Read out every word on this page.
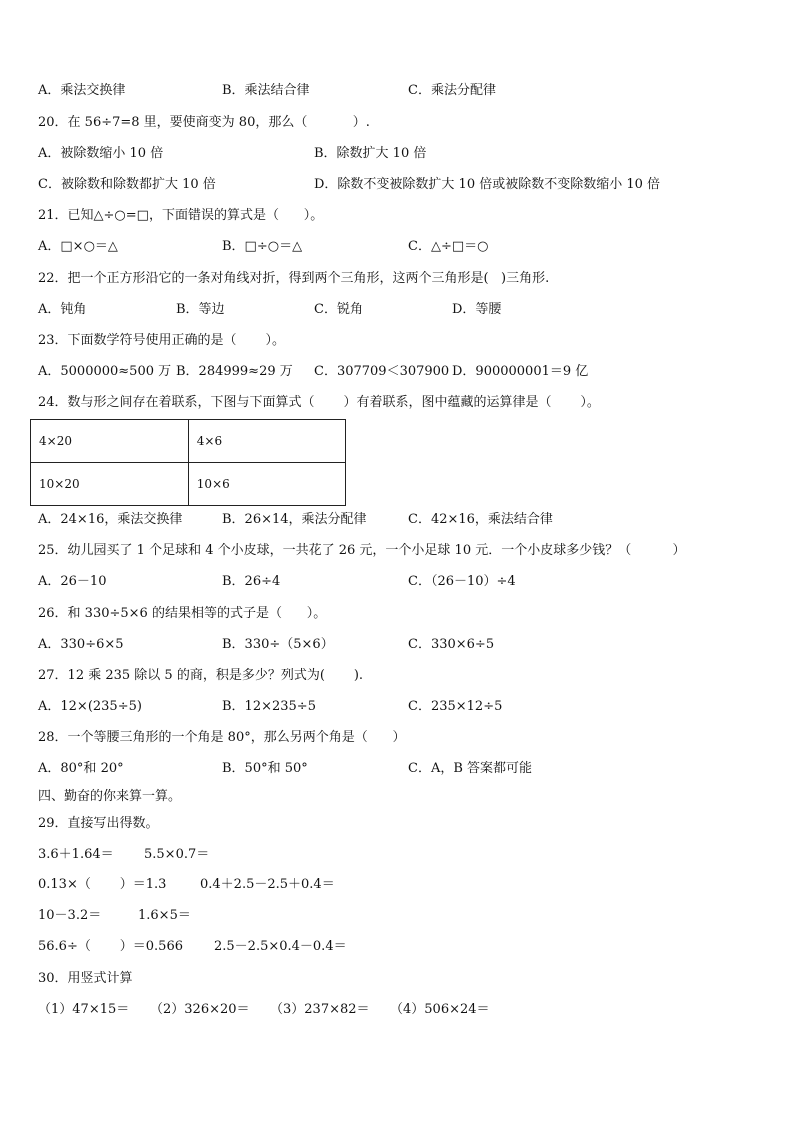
A．乘法交换律	B．乘法结合律	C．乘法分配律
20．在 56÷7=8 里，要使商变为 80，那么（           ）.
A．被除数缩小 10 倍	B．除数扩大 10 倍
C．被除数和除数都扩大 10 倍	D．除数不变被除数扩大 10 倍或被除数不变除数缩小 10 倍
21．已知△÷○=□，下面错误的算式是（      ）。
A．□×○＝△	B．□÷○＝△	C．△÷□＝○
22．把一个正方形沿它的一条对角线对折，得到两个三角形，这两个三角形是(   )三角形.
A．钝角	B．等边	C．锐角	D．等腰
23．下面数学符号使用正确的是（       ）。
A．5000000≈500 万 B．284999≈29 万 C．307709＜307900 D．900000001＝9 亿
24．数与形之间存在着联系，下图与下面算式（       ）有着联系，图中蕴藏的运算律是（       ）。
4×20	4×6
10×20	10×6
A．24×16，乘法交换律	B．26×14，乘法分配律	C．42×16，乘法结合律
25．幼儿园买了 1 个足球和 4 个小皮球，一共花了 26 元，一个小足球 10 元．一个小皮球多少钱？（          ）
A．26－10	B．26÷4	C．（26－10）÷4
26．和 330÷5×6 的结果相等的式子是（      ）。
A．330÷6×5	B．330÷（5×6）	C．330×6÷5
27．12 乘 235 除以 5 的商，积是多少？列式为(       ).
A．12×(235÷5)	B．12×235÷5	C．235×12÷5
28．一个等腰三角形的一个角是 80°，那么另两个角是（      ）
A．80°和 20°	B．50°和 50°	C．A，B 答案都可能
四、勤奋的你来算一算。
29．直接写出得数。
3.6＋1.64＝ 5.5×0.7＝
0.13×（       ）＝1.3	0.4＋2.5－2.5＋0.4＝
10－3.2＝	1.6×5＝
56.6÷（       ）＝0.566 2.5－2.5×0.4－0.4＝
30．用竖式计算
（1）47×15＝ （2）326×20＝ （3）237×82＝ （4）506×24＝
